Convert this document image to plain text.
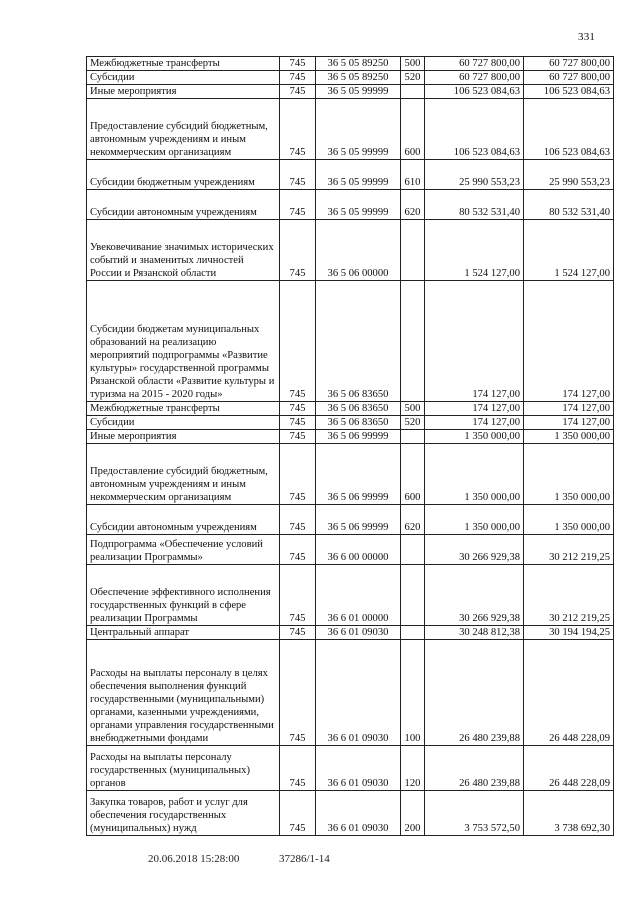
331
Межбюджетные трансферты	745	36 5 05 89250	500	60 727 800,00	60 727 800,00
Субсидии	745	36 5 05 89250	520	60 727 800,00	60 727 800,00
Иные мероприятия	745	36 5 05 99999		106 523 084,63	106 523 084,63
Предоставление субсидий бюджетным, автономным учреждениям и иным некоммерческим организациям	745	36 5 05 99999	600	106 523 084,63	106 523 084,63
Субсидии бюджетным учреждениям	745	36 5 05 99999	610	25 990 553,23	25 990 553,23
Субсидии автономным учреждениям	745	36 5 05 99999	620	80 532 531,40	80 532 531,40
Увековечивание значимых исторических событий и знаменитых личностей России и Рязанской области	745	36 5 06 00000		1 524 127,00	1 524 127,00
Субсидии бюджетам муниципальных образований на реализацию мероприятий подпрограммы «Развитие культуры» государственной программы Рязанской области «Развитие культуры и туризма на 2015 - 2020 годы»	745	36 5 06 83650		174 127,00	174 127,00
Межбюджетные трансферты	745	36 5 06 83650	500	174 127,00	174 127,00
Субсидии	745	36 5 06 83650	520	174 127,00	174 127,00
Иные мероприятия	745	36 5 06 99999		1 350 000,00	1 350 000,00
Предоставление субсидий бюджетным, автономным учреждениям и иным некоммерческим организациям	745	36 5 06 99999	600	1 350 000,00	1 350 000,00
Субсидии автономным учреждениям	745	36 5 06 99999	620	1 350 000,00	1 350 000,00
Подпрограмма «Обеспечение условий реализации Программы»	745	36 6 00 00000		30 266 929,38	30 212 219,25
Обеспечение эффективного исполнения государственных функций в сфере реализации Программы	745	36 6 01 00000		30 266 929,38	30 212 219,25
Центральный аппарат	745	36 6 01 09030		30 248 812,38	30 194 194,25
Расходы на выплаты персоналу в целях обеспечения выполнения функций государственными (муниципальными) органами, казенными учреждениями, органами управления государственными внебюджетными фондами	745	36 6 01 09030	100	26 480 239,88	26 448 228,09
Расходы на выплаты персоналу государственных (муниципальных) органов	745	36 6 01 09030	120	26 480 239,88	26 448 228,09
Закупка товаров, работ и услуг для обеспечения государственных (муниципальных) нужд	745	36 6 01 09030	200	3 753 572,50	3 738 692,30
20.06.2018 15:28:00	37286/1-14
